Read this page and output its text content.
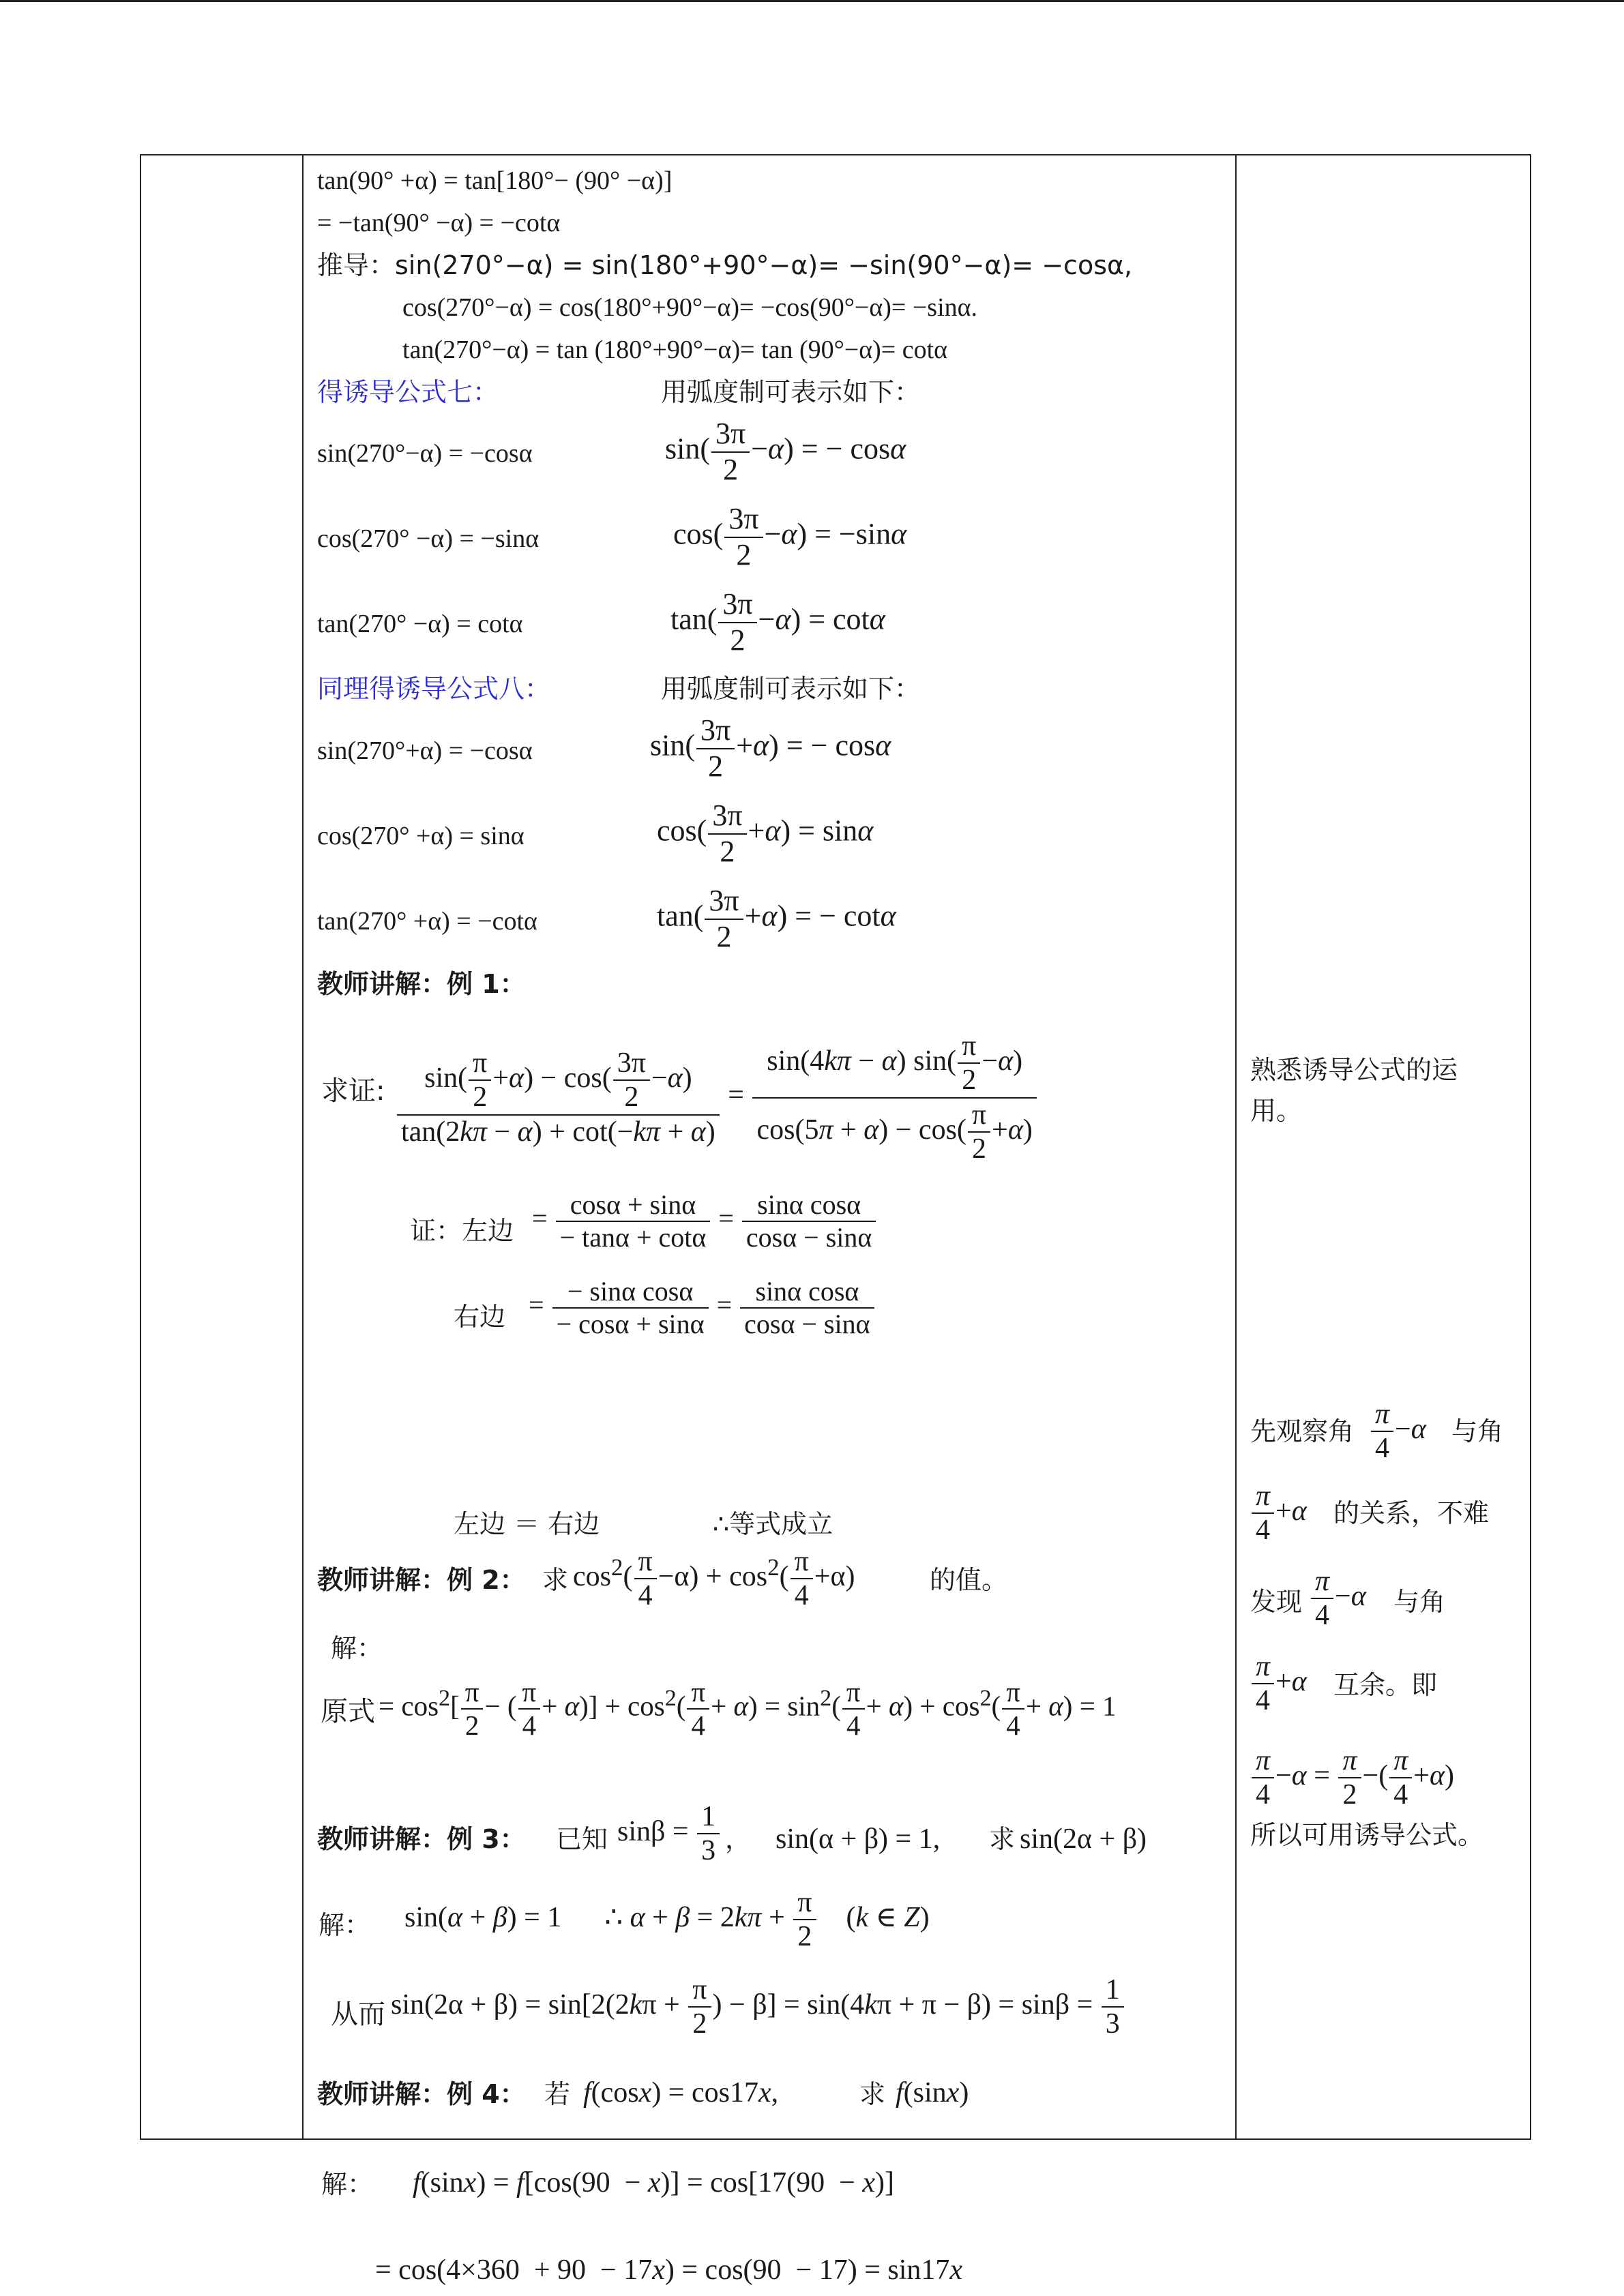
tan(90° +α) = tan[180°− (90° −α)]
= −tan(90° −α) = −cotα
推导：sin(270°−α) = sin(180°+90°−α)= −sin(90°−α)= −cosα,
cos(270°−α) = cos(180°+90°−α)= −cos(90°−α)= −sinα.
tan(270°−α) = tan (180°+90°−α)= tan (90°−α)= cotα
得诱导公式七：	用弧度制可表示如下：
sin(270°−α) = −cosα	$\sin( \frac{3\pi}{2} -\alpha)$ = − cosα
cos(270° −α) = −sinα	$\cos( \frac{3\pi}{2} -\alpha) = -\sin\alpha$
tan(270° −α) = cotα	$\tan( \frac{3\pi}{2} -\alpha) = \cot\alpha$
同理得诱导公式八：	用弧度制可表示如下：
sin(270°+α) = −cosα	$\sin( \frac{3\pi}{2} +\alpha)$ = − cosα
cos(270° +α) = sinα	$\cos( \frac{3\pi}{2} +\alpha) = \sin\alpha$
tan(270° +α) = −cotα	$\tan( \frac{3\pi}{2} +\alpha)$ = − cotα
教师讲解：例 1：
求证: $\frac{\sin( \frac{\pi}{2} +\alpha) - \cos( \frac{3\pi}{2} -\alpha)}{\tan(2k\pi - \alpha) + \cot(-k\pi + \alpha)} = \frac{\sin(4k\pi - \alpha) \sin( \frac{\pi}{2} -\alpha)}{\cos(5\pi + \alpha) - \cos( \frac{\pi}{2} +\alpha)}$
证：左边 = $\frac{\cos\alpha + \sin\alpha}{- \tan\alpha + \cot\alpha} = \frac{\text{sinα cosα}}{\cos\alpha - \sin\alpha}$
右边 = $\frac{\text{− sinα cosα}}{- \cos\alpha + \sin\alpha} = \frac{\text{sinα cosα}}{\cos\alpha - \sin\alpha}$
左边 ＝ 右边	∴等式成立
教师讲解：例 2： 求 $\cos^2( \frac{\pi}{4} -\alpha) + \cos^2( \frac{\pi}{4} +\alpha)$	的值。
解：
原式 = $\cos^2[ \frac{\pi}{2}$ − ( $\frac{\pi}{4} + \alpha)] + \cos^2( \frac{\pi}{4} + \alpha) = \sin^2( \frac{\pi}{4} + \alpha) + \cos^2( \frac{\pi}{4} + \alpha) = 1$
教师讲解：例 3： 已知 $\sin\beta = \frac{1}{3}$ ， sin(α + β) = 1, 求 sin(2α + β)
解： sin(α + β) = 1      ∴ $\alpha + \beta = 2k\pi + \frac{\pi}{2} (k$ ∈ Z)
从而 $\sin(2\alpha + \beta) = \sin[2(2k\pi + \frac{\pi}{2}$ ) − $\beta] = \sin(4k\pi + \pi - \beta) = \sin\beta = \frac{1}{3}$
教师讲解：例 4： 若 f(cosx) = cos17x,	求 f(sinx)
解： f(sinx) = f[cos(90  − x)] = cos[17(90  − x)]
= cos(4×360  + 90  − 17x) = cos(90  − 17) = sin17x
熟悉诱导公式的运
用。
先观察角 $\frac{\pi}{4} -\alpha$ 与角
$\frac{\pi}{4} +\alpha$ 的关系，不难
发现 $\frac{\pi}{4} -\alpha$ 与角
$\frac{\pi}{4} +\alpha$ 互余。即
$\frac{\pi}{4} -\alpha = \frac{\pi}{2}$ −( $\frac{\pi}{4} +\alpha$)
所以可用诱导公式。
